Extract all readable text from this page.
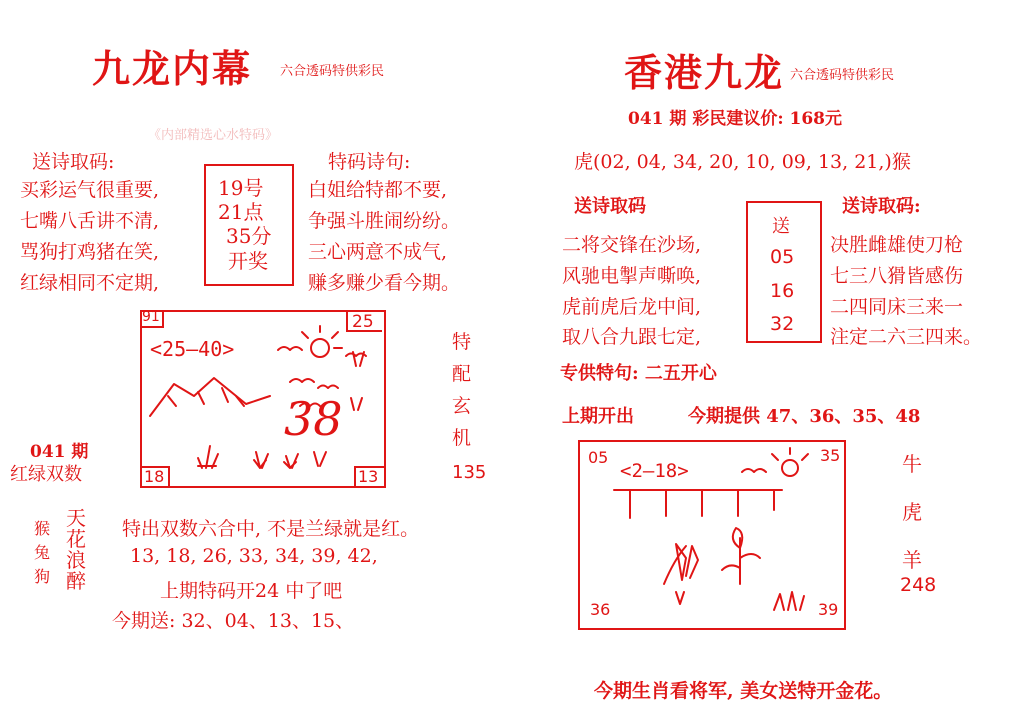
九龙内幕 六合透码特供彩民
《内部精选心水特码》
送诗取码:
买彩运气很重要,
七嘴八舌讲不清,
骂狗打鸡猪在笑,
红绿相同不定期,
19号
21点
35分
开奖
特码诗句:
白姐给特都不要,
争强斗胜闹纷纷。
三心两意不成气,
赚多赚少看今期。
91	25
18	13
<25—40>
38
特
配
玄
机
135
041 期
红绿双数
猴
兔
狗
天
花
浪
醉
特出双数六合中, 不是兰绿就是红。
13, 18, 26, 33, 34, 39, 42,
上期特码开24 中了吧
今期送: 32、04、13、15、
香港九龙 六合透码特供彩民
041 期 彩民建议价: 168元
虎(02, 04, 34, 20, 10, 09, 13, 21,)猴
送诗取码
二将交锋在沙场,
风驰电掣声嘶唤,
虎前虎后龙中间,
取八合九跟七定,
送
05
16
32
送诗取码:
决胜雌雄使刀枪
七三八猾皆感伤
二四同床三来一
注定二六三四来。
专供特句: 二五开心
上期开出	今期提供 47、36、35、48
05	35
36	39
<2—18>	牛
虎
羊
248
今期生肖看将军, 美女送特开金花。
